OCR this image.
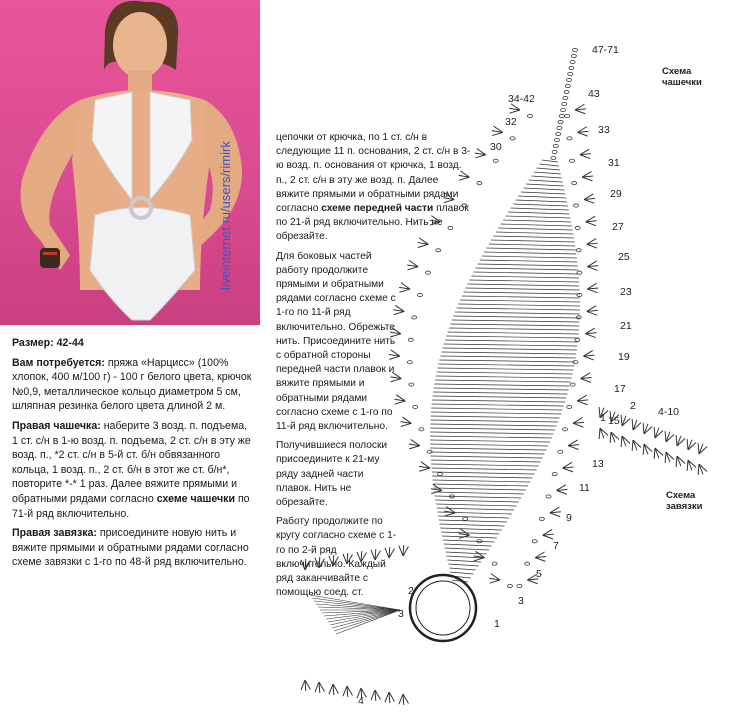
liveinternet.ru/users/rimirk

Размер: 42-44

Вам потребуется: пряжа «Нарцисс» (100% хлопок, 400 м/100 г) - 100 г белого цвета, крючок №0,9, металлическое кольцо диаметром 5 см, шляпная резинка белого цвета длиной 2 м.

Правая чашечка: наберите 3 возд. п. подъема, 1 ст. с/н в 1-ю возд. п. подъема, 2 ст. с/н в эту же возд. п., *2 ст. с/н в 5-й ст. б/н обвязанного кольца, 1 возд. п., 2 ст. б/н в этот же ст. б/н*, повторите *-* 1 раз. Далее вяжите прямыми и обратными рядами согласно схеме чашечки по 71-й ряд включительно.

Правая завязка: присоедините новую нить и вяжите прямыми и обратными рядами согласно схеме завязки с 1-го по 48-й ряд включительно.

цепочки от крючка, по 1 ст. с/н в следующие 11 п. основания, 2 ст. с/н в 3-ю возд. п. основания от крючка, 1 возд. п., 2 ст. с/н в эту же возд. п. Далее вяжите прямыми и обратными рядами согласно схеме передней части плавок по 21-й ряд включительно. Нить не обрезайте.

Для боковых частей работу продолжите прямыми и обратными рядами согласно схеме с 1-го по 11-й ряд включительно. Обрежьте нить. Присоедините нить с обратной стороны передней части плавок и вяжите прямыми и обратными рядами согласно схеме с 1-го по 11-й ряд включительно.

Получившиеся полоски присоедините к 21-му ряду задней части плавок. Нить не обрезайте.

Работу продолжите по кругу согласно схеме с 1-го по 2-й ряд включительно. Каждый ряд заканчивайте с помощью соед. ст.

Схема чашечки
Схема завязки
47-71
43
33
31
29
27
25
23
21
19
17
15
13
11
9
7
5
3
1
34-42
32
30
2 4-10
1
2
3
4
